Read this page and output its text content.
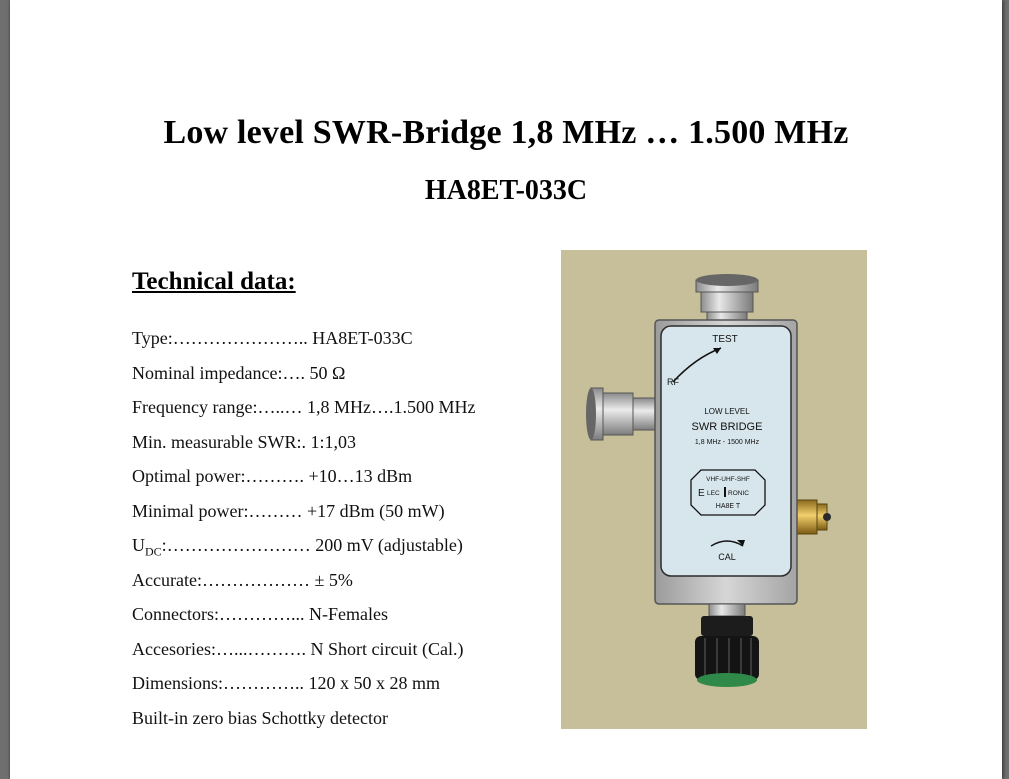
Low level SWR-Bridge 1,8 MHz … 1.500 MHz
HA8ET-033C
Technical data:
Type:………………….. HA8ET-033C
Nominal impedance:…. 50 Ω
Frequency range:…..… 1,8 MHz….1.500 MHz
Min. measurable SWR:. 1:1,03
Optimal power:………. +10…13 dBm
Minimal power:……… +17 dBm (50 mW)
$U_{DC}:\dots\dots\dots\dots\dots\dots\dots\dots$ 200 mV (adjustable)
Accurate:……………… ± 5%
Connectors:…………... N-Females
Accesories:…...………. N Short circuit (Cal.)
Dimensions:………….. 120 x 50 x 28 mm
Built-in zero bias Schottky detector
TEST
RF
LOW LEVEL
SWR BRIDGE
1,8 MHz - 1500 MHz
VHF-UHF-SHF
E LEC RONIC
HA8E T
CAL
